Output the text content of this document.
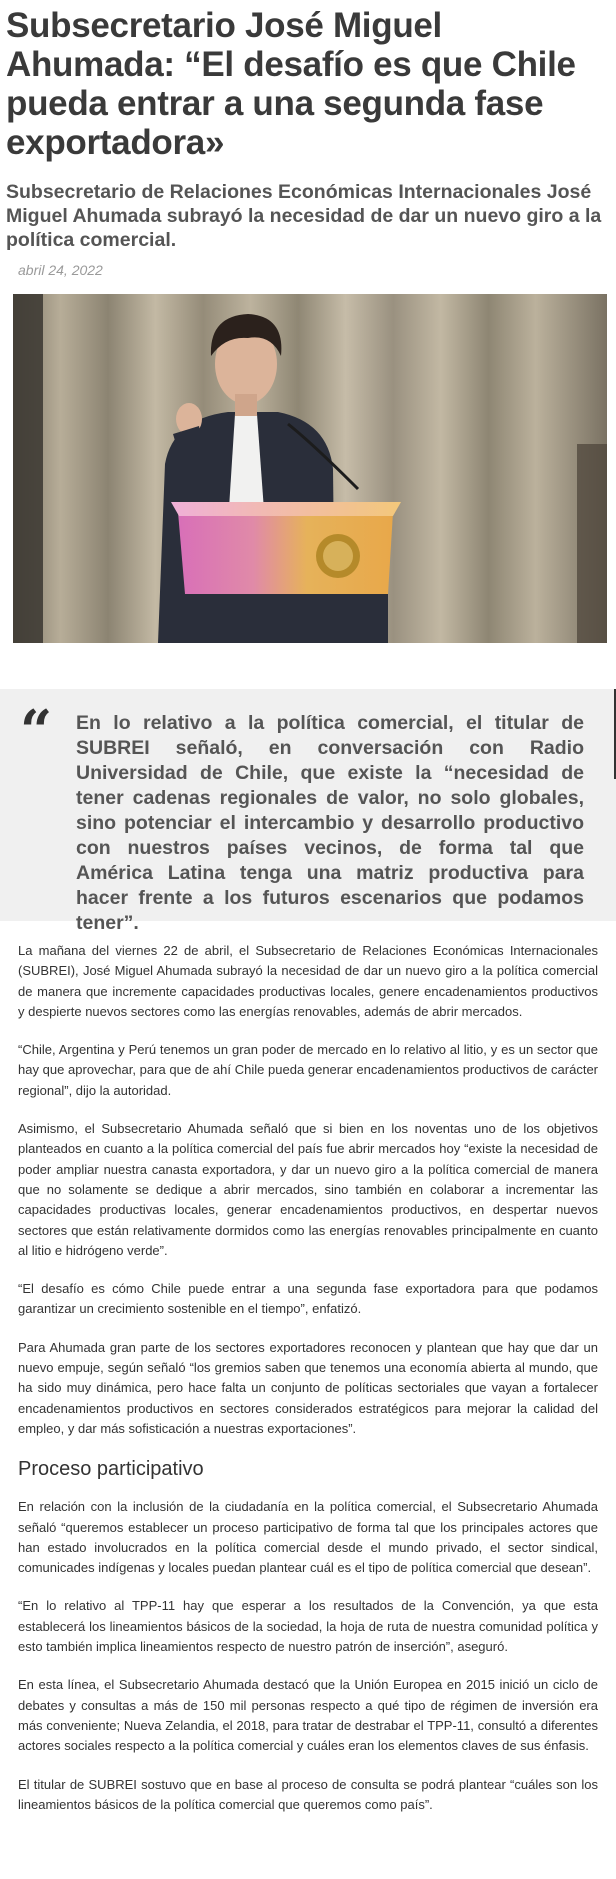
Subsecretario José Miguel Ahumada: “El desafío es que Chile pueda entrar a una segunda fase exportadora»
Subsecretario de Relaciones Económicas Internacionales José Miguel Ahumada subrayó la necesidad de dar un nuevo giro a la política comercial.
abril 24, 2022
“ En lo relativo a la política comercial, el titular de SUBREI señaló, en conversación con Radio Universidad de Chile, que existe la “necesidad de tener cadenas regionales de valor, no solo globales, sino potenciar el intercambio y desarrollo productivo con nuestros países vecinos, de forma tal que América Latina tenga una matriz productiva para hacer frente a los futuros escenarios que podamos tener”.

La mañana del viernes 22 de abril, el Subsecretario de Relaciones Económicas Internacionales (SUBREI), José Miguel Ahumada subrayó la necesidad de dar un nuevo giro a la política comercial de manera que incremente capacidades productivas locales, genere encadenamientos productivos y despierte nuevos sectores como las energías renovables, además de abrir mercados.

“Chile, Argentina y Perú tenemos un gran poder de mercado en lo relativo al litio, y es un sector que hay que aprovechar, para que de ahí Chile pueda generar encadenamientos productivos de carácter regional”, dijo la autoridad.

Asimismo, el Subsecretario Ahumada señaló que si bien en los noventas uno de los objetivos planteados en cuanto a la política comercial del país fue abrir mercados hoy “existe la necesidad de poder ampliar nuestra canasta exportadora, y dar un nuevo giro a la política comercial de manera que no solamente se dedique a abrir mercados, sino también en colaborar a incrementar las capacidades productivas locales, generar encadenamientos productivos, en despertar nuevos sectores que están relativamente dormidos como las energías renovables principalmente en cuanto al litio e hidrógeno verde”.

“El desafío es cómo Chile puede entrar a una segunda fase exportadora para que podamos garantizar un crecimiento sostenible en el tiempo”, enfatizó.

Para Ahumada gran parte de los sectores exportadores reconocen y plantean que hay que dar un nuevo empuje, según señaló “los gremios saben que tenemos una economía abierta al mundo, que ha sido muy dinámica, pero hace falta un conjunto de políticas sectoriales que vayan a fortalecer encadenamientos productivos en sectores considerados estratégicos para mejorar la calidad del empleo, y dar más sofisticación a nuestras exportaciones”.

Proceso participativo

En relación con la inclusión de la ciudadanía en la política comercial, el Subsecretario Ahumada señaló “queremos establecer un proceso participativo de forma tal que los principales actores que han estado involucrados en la política comercial desde el mundo privado, el sector sindical, comunicades indígenas y locales puedan plantear cuál es el tipo de política comercial que desean”.

“En lo relativo al TPP-11 hay que esperar a los resultados de la Convención, ya que esta establecerá los lineamientos básicos de la sociedad, la hoja de ruta de nuestra comunidad política y esto también implica lineamientos respecto de nuestro patrón de inserción”, aseguró.

En esta línea, el Subsecretario Ahumada destacó que la Unión Europea en 2015 inició un ciclo de debates y consultas a más de 150 mil personas respecto a qué tipo de régimen de inversión era más conveniente; Nueva Zelandia, el 2018, para tratar de destrabar el TPP-11, consultó a diferentes actores sociales respecto a la política comercial y cuáles eran los elementos claves de sus énfasis.

El titular de SUBREI sostuvo que en base al proceso de consulta se podrá plantear “cuáles son los lineamientos básicos de la política comercial que queremos como país”.
